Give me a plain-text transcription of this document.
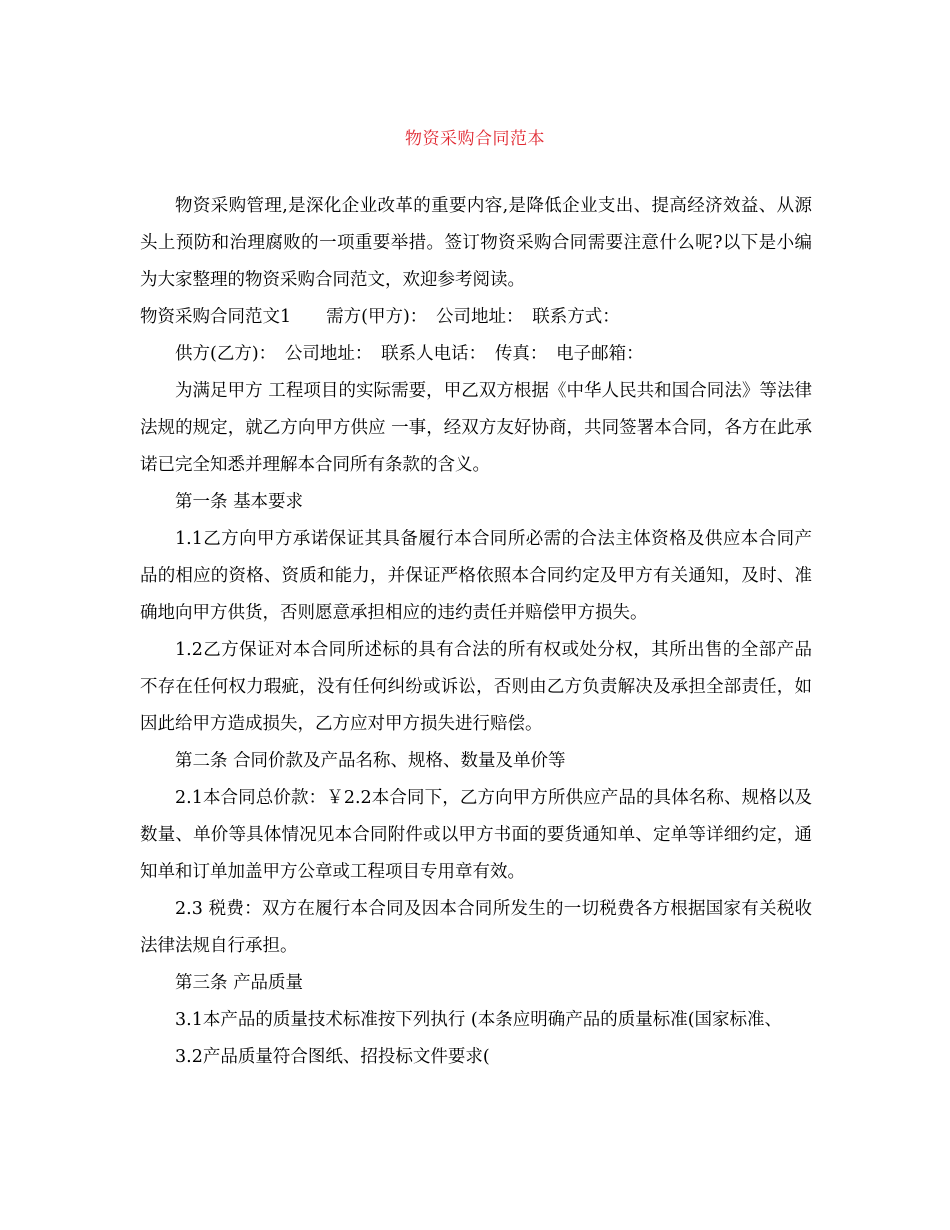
物资采购合同范本

物资采购管理,是深化企业改革的重要内容,是降低企业支出、提高经济效益、从源头上预防和治理腐败的一项重要举措。签订物资采购合同需要注意什么呢?以下是小编为大家整理的物资采购合同范文，欢迎参考阅读。

物资采购合同范文1　　需方(甲方)：　公司地址：　联系方式：

供方(乙方)：　公司地址：　联系人电话：　传真：　电子邮箱：

为满足甲方 工程项目的实际需要，甲乙双方根据《中华人民共和国合同法》等法律法规的规定，就乙方向甲方供应 一事，经双方友好协商，共同签署本合同，各方在此承诺已完全知悉并理解本合同所有条款的含义。

第一条 基本要求

1.1乙方向甲方承诺保证其具备履行本合同所必需的合法主体资格及供应本合同产品的相应的资格、资质和能力，并保证严格依照本合同约定及甲方有关通知，及时、准确地向甲方供货，否则愿意承担相应的违约责任并赔偿甲方损失。

1.2乙方保证对本合同所述标的具有合法的所有权或处分权，其所出售的全部产品不存在任何权力瑕疵，没有任何纠纷或诉讼，否则由乙方负责解决及承担全部责任，如因此给甲方造成损失，乙方应对甲方损失进行赔偿。

第二条 合同价款及产品名称、规格、数量及单价等

2.1本合同总价款：￥2.2本合同下，乙方向甲方所供应产品的具体名称、规格以及数量、单价等具体情况见本合同附件或以甲方书面的要货通知单、定单等详细约定，通知单和订单加盖甲方公章或工程项目专用章有效。

2.3 税费：双方在履行本合同及因本合同所发生的一切税费各方根据国家有关税收法律法规自行承担。

第三条 产品质量

3.1本产品的质量技术标准按下列执行 (本条应明确产品的质量标准(国家标准、

3.2产品质量符合图纸、招投标文件要求(
